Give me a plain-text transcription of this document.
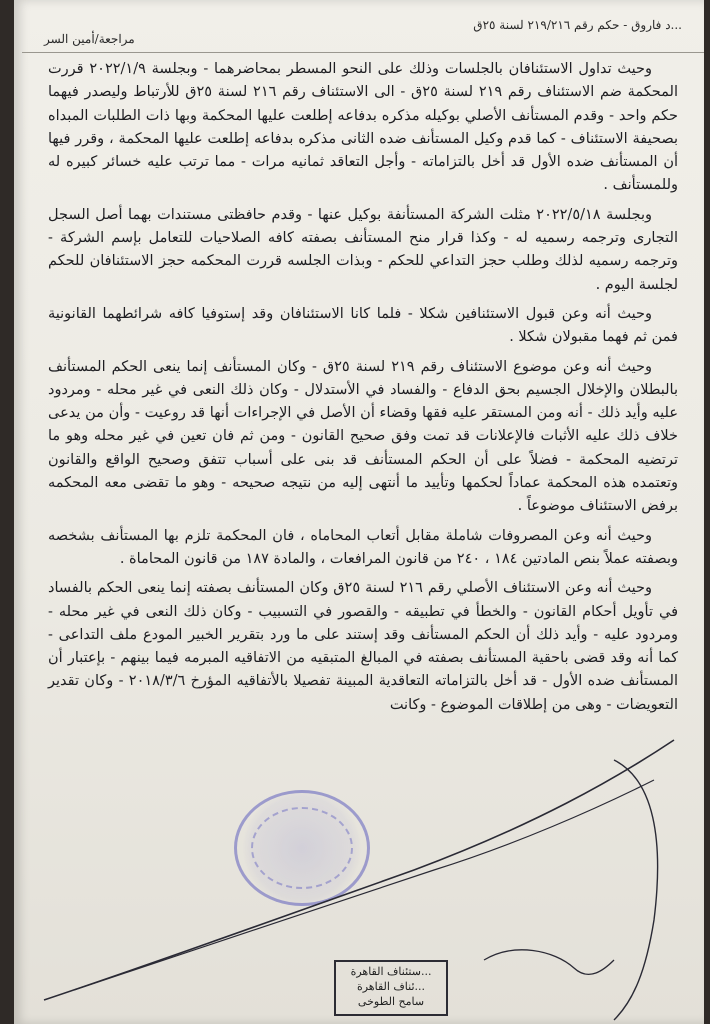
...د فاروق - حكم رقم ٢١٩/٢١٦ لسنة ٢٥ق
مراجعة/أمين السر

وحيث تداول الاستئنافان بالجلسات وذلك على النحو المسطر بمحاضرهما - وبجلسة ٢٠٢٢/١/٩ قررت المحكمة ضم الاستئناف رقم ٢١٩ لسنة ٢٥ق - الى الاستئناف رقم ٢١٦ لسنة ٢٥ق للأرتباط وليصدر فيهما حكم واحد - وقدم المستأنف الأصلي بوكيله مذكره بدفاعه إطلعت عليها المحكمة وبها ذات الطلبات المبداه بصحيفة الاستئناف - كما قدم وكيل المستأنف ضده الثانى مذكره بدفاعه إطلعت عليها المحكمة ، وقرر فيها أن المستأنف ضده الأول قد أخل بالتزاماته - وأجل التعاقد ثمانيه مرات - مما ترتب عليه خسائر كبيره له وللمستأنف .

وبجلسة ٢٠٢٢/٥/١٨ مثلت الشركة المستأنفة بوكيل عنها - وقدم حافظتى مستندات بهما أصل السجل التجارى وترجمه رسميه له - وكذا قرار منح المستأنف بصفته كافه الصلاحيات للتعامل بإسم الشركة - وترجمه رسميه لذلك وطلب حجز التداعي للحكم - وبذات الجلسه قررت المحكمه حجز الاستئنافان للحكم لجلسة اليوم .

وحيث أنه وعن قبول الاستئنافين شكلا - فلما كانا الاستئنافان وقد إستوفيا كافه شرائطهما القانونية فمن ثم فهما مقبولان شكلا .

وحيث أنه وعن موضوع الاستئناف رقم ٢١٩ لسنة ٢٥ق - وكان المستأنف إنما ينعى الحكم المستأنف بالبطلان والإخلال الجسيم بحق الدفاع - والفساد في الأستدلال - وكان ذلك النعى في غير محله - ومردود عليه وأيد ذلك - أنه ومن المستقر عليه فقها وقضاء أن الأصل في الإجراءات أنها قد روعيت - وأن من يدعى خلاف ذلك عليه الأثبات فالإعلانات قد تمت وفق صحيح القانون - ومن ثم فان تعين في غير محله وهو ما ترتضيه المحكمة - فضلاً على أن الحكم المستأنف قد بنى على أسباب تتفق وصحيح الواقع والقانون وتعتمده هذه المحكمة عماداً لحكمها وتأييد ما أنتهى إليه من نتيجه صحيحه - وهو ما تقضى معه المحكمه برفض الاستئناف موضوعاً .

وحيث أنه وعن المصروفات شاملة مقابل أتعاب المحاماه ، فان المحكمة تلزم بها المستأنف بشخصه وبصفته عملاً بنص المادتين ١٨٤ ، ٢٤٠ من قانون المرافعات ، والمادة ١٨٧ من قانون المحاماة .

وحيث أنه وعن الاستئناف الأصلي رقم ٢١٦ لسنة ٢٥ق وكان المستأنف بصفته إنما ينعى الحكم بالفساد في تأويل أحكام القانون - والخطأ في تطبيقه - والقصور في التسبيب - وكان ذلك النعى في غير محله - ومردود عليه - وأيد ذلك أن الحكم المستأنف وقد إستند على ما ورد بتقرير الخبير المودع ملف التداعى - كما أنه وقد قضى باحقية المستأنف بصفته في المبالغ المتبقيه من الاتفاقيه المبرمه فيما بينهم - بإعتبار أن المستأنف ضده الأول - قد أخل بالتزاماته التعاقدية المبينة تفصيلا بالأتفاقيه المؤرخ ٢٠١٨/٣/٦ - وكان تقدير التعويضات - وهى من إطلاقات الموضوع - وكانت

...ستئناف القاهرة
...ئناف القاهرة
سامح الطوخى
